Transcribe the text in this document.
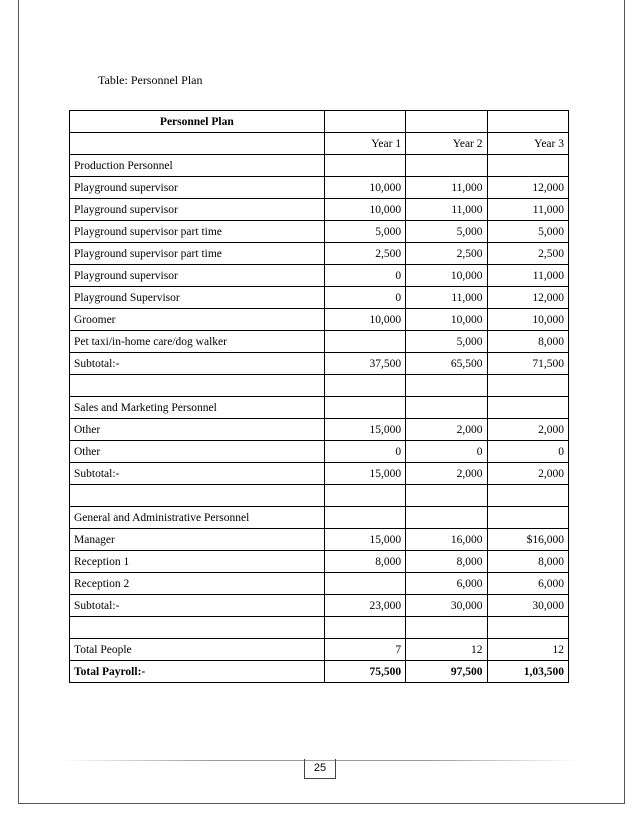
Table: Personnel Plan
Personnel Plan			
	Year 1	Year 2	Year 3
Production Personnel			
Playground supervisor	10,000	11,000	12,000
Playground supervisor	10,000	11,000	11,000
Playground supervisor part time	5,000	5,000	5,000
Playground supervisor part time	2,500	2,500	2,500
Playground supervisor	0	10,000	11,000
Playground Supervisor	0	11,000	12,000
Groomer	10,000	10,000	10,000
Pet taxi/in-home care/dog walker		5,000	8,000
Subtotal:-	37,500	65,500	71,500

Sales and Marketing Personnel			
Other	15,000	2,000	2,000
Other	0	0	0
Subtotal:-	15,000	2,000	2,000

General and Administrative Personnel			
Manager	15,000	16,000	$16,000
Reception 1	8,000	8,000	8,000
Reception 2		6,000	6,000
Subtotal:-	23,000	30,000	30,000

Total People	7	12	12
Total Payroll:-	75,500	97,500	1,03,500
25
